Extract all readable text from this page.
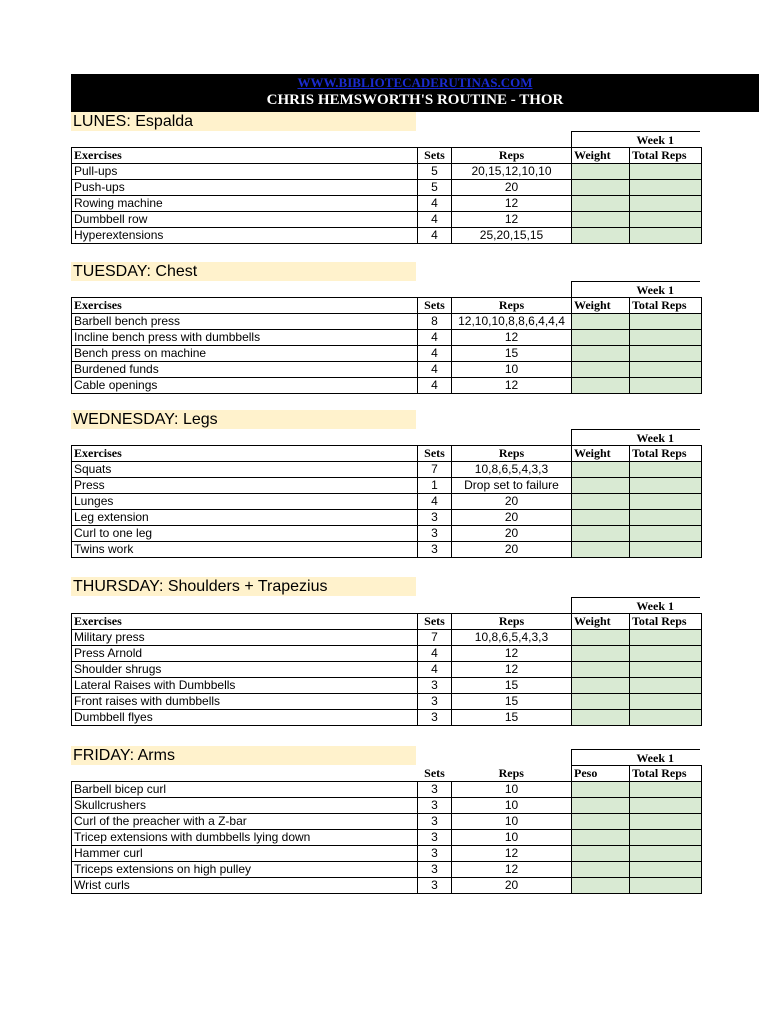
WWW.BIBLIOTECADERUTINAS.COM
CHRIS HEMSWORTH'S ROUTINE - THOR
LUNES: Espalda
Week 1
Exercises	Sets	Reps	Weight	Total Reps
Pull-ups	5	20,15,12,10,10		
Push-ups	5	20		
Rowing machine	4	12		
Dumbbell row	4	12		
Hyperextensions	4	25,20,15,15		
TUESDAY: Chest
Week 1
Exercises	Sets	Reps	Weight	Total Reps
Barbell bench press	8	12,10,10,8,8,6,4,4,4		
Incline bench press with dumbbells	4	12		
Bench press on machine	4	15		
Burdened funds	4	10		
Cable openings	4	12		
WEDNESDAY: Legs
Week 1
Exercises	Sets	Reps	Weight	Total Reps
Squats	7	10,8,6,5,4,3,3		
Press	1	Drop set to failure		
Lunges	4	20		
Leg extension	3	20		
Curl to one leg	3	20		
Twins work	3	20		
THURSDAY: Shoulders + Trapezius
Week 1
Exercises	Sets	Reps	Weight	Total Reps
Military press	7	10,8,6,5,4,3,3		
Press Arnold	4	12		
Shoulder shrugs	4	12		
Lateral Raises with Dumbbells	3	15		
Front raises with dumbbells	3	15		
Dumbbell flyes	3	15		
FRIDAY: Arms	Week 1
	Sets	Reps	Peso	Total Reps
Barbell bicep curl	3	10		
Skullcrushers	3	10		
Curl of the preacher with a Z-bar	3	10		
Tricep extensions with dumbbells lying down	3	10		
Hammer curl	3	12		
Triceps extensions on high pulley	3	12		
Wrist curls	3	20		
